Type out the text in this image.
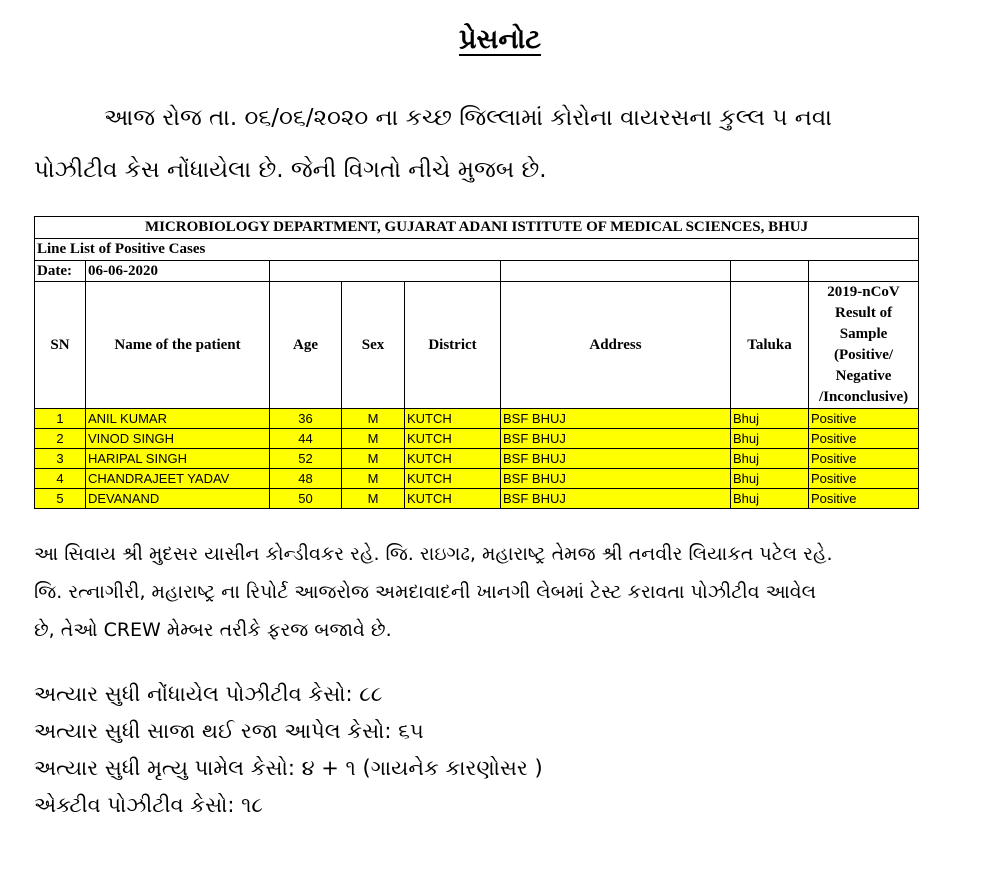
પ્રેસનોટ
આજ રોજ તા. ૦૬/૦૬/૨૦૨૦ ના કચ્છ જિલ્લામાં કોરોના વાયરસના કુલ્લ ૫ નવા
પોઝીટીવ કેસ નોંધાયેલા છે. જેની વિગતો નીચે મુજબ છે.
MICROBIOLOGY DEPARTMENT, GUJARAT ADANI ISTITUTE OF MEDICAL SCIENCES, BHUJ							
Line List of Positive Cases							
Date:	06-06-2020						
SN	Name of the patient	Age	Sex	District	Address	Taluka	2019-nCoV Result of Sample (Positive/ Negative /Inconclusive)
1	ANIL KUMAR	36	M	KUTCH	BSF BHUJ	Bhuj	Positive
2	VINOD SINGH	44	M	KUTCH	BSF BHUJ	Bhuj	Positive
3	HARIPAL SINGH	52	M	KUTCH	BSF BHUJ	Bhuj	Positive
4	CHANDRAJEET YADAV	48	M	KUTCH	BSF BHUJ	Bhuj	Positive
5	DEVANAND	50	M	KUTCH	BSF BHUJ	Bhuj	Positive
આ સિવાય શ્રી મુદસર યાસીન કોન્ડીવકર રહે. જિ. રાઇગઢ, મહારાષ્ટ્ર તેમજ શ્રી તનવીર લિયાકત પટેલ રહે.
જિ. રત્નાગીરી, મહારાષ્ટ્ર ના રિપોર્ટ આજરોજ અમદાવાદની ખાનગી લેબમાં ટેસ્ટ કરાવતા પોઝીટીવ આવેલ
છે, તેઓ CREW મેમ્બર તરીકે ફરજ બજાવે છે.
અત્યાર સુધી નોંધાયેલ પોઝીટીવ કેસો: ૮૮
અત્યાર સુધી સાજા થઈ રજા આપેલ કેસો: ૬૫
અત્યાર સુધી મૃત્યુ પામેલ કેસો: ૪ + ૧ (ગાયનેક કારણોસર )
એક્ટીવ પોઝીટીવ કેસો: ૧૮
